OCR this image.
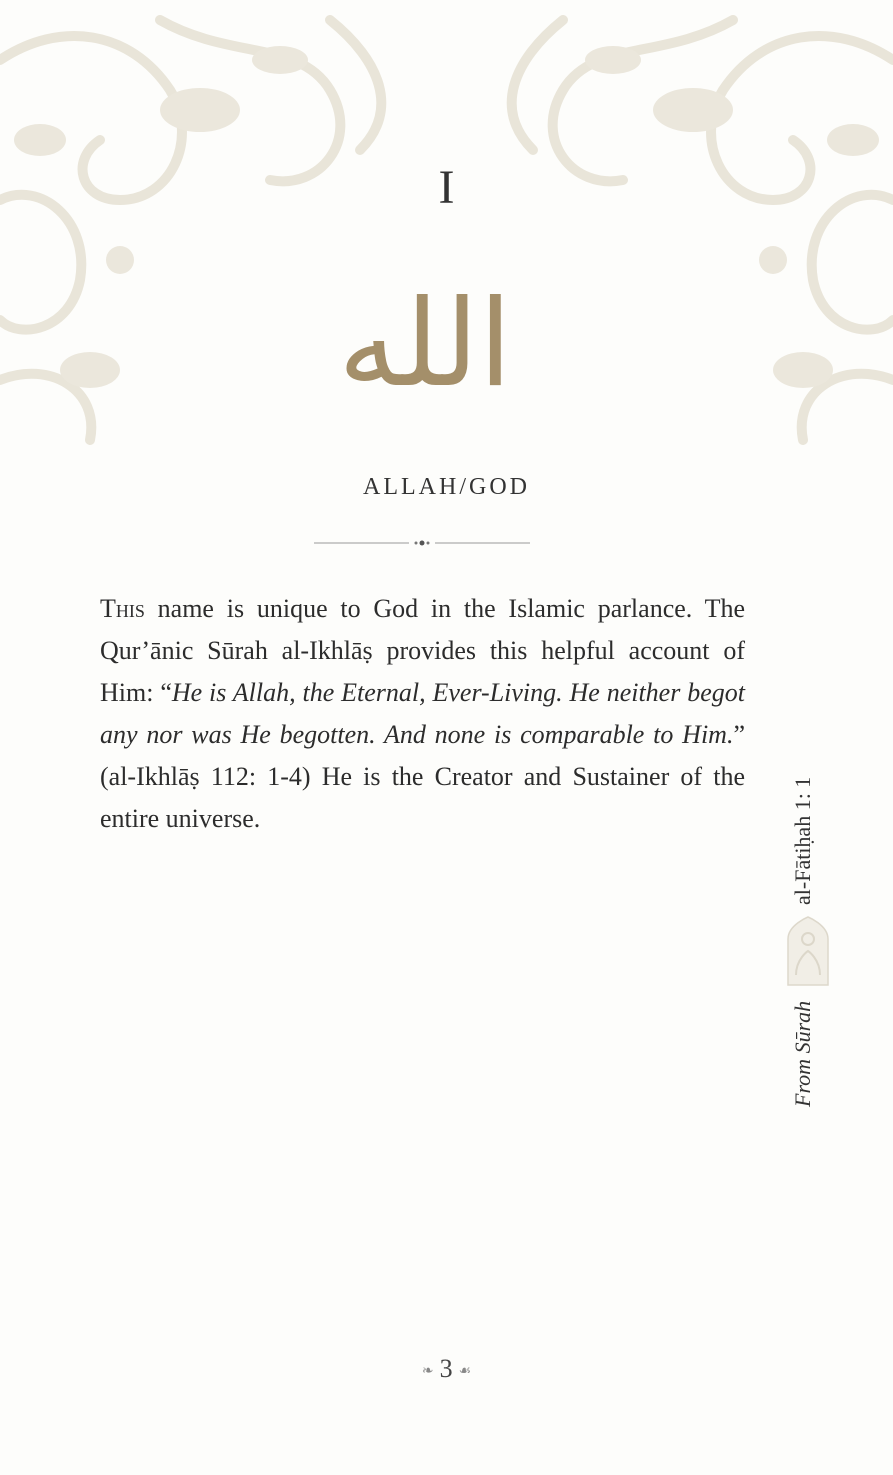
I
الله
ALLAH/GOD
This name is unique to God in the Islamic parlance. The Qur’ānic Sūrah al-Ikhlāṣ provides this helpful account of Him: “He is Allah, the Eternal, Ever-Living. He neither begot any nor was He begotten. And none is comparable to Him.” (al-Ikhlāṣ 112: 1-4) He is the Creator and Sustainer of the entire universe.	al-Fātiḥah 1: 1
From Sūrah
❧ 3 ☙
